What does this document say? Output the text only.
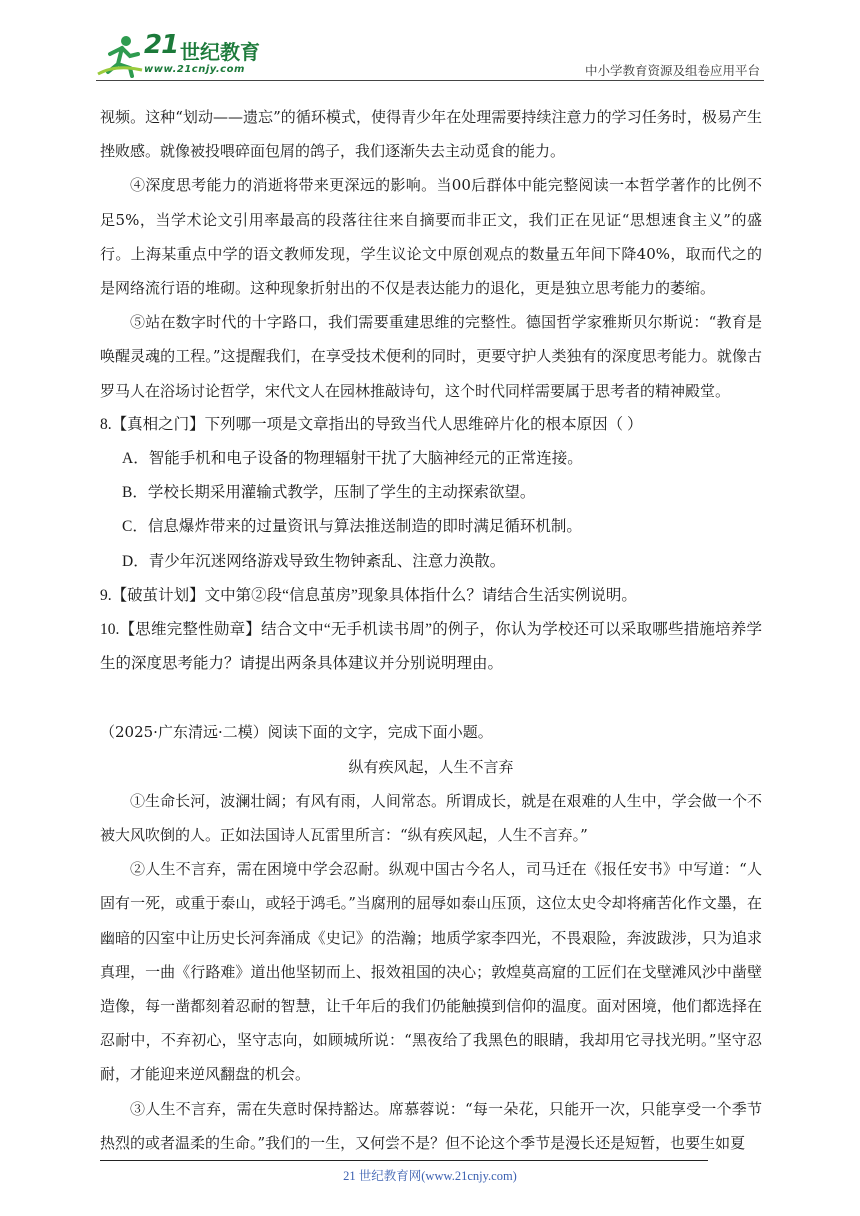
21 世纪教育
www.21cnjy.com	中小学教育资源及组卷应用平台

视频。这种“划动——遗忘”的循环模式，使得青少年在处理需要持续注意力的学习任务时，极易产生挫败感。就像被投喂碎面包屑的鸽子，我们逐渐失去主动觅食的能力。

④深度思考能力的消逝将带来更深远的影响。当00后群体中能完整阅读一本哲学著作的比例不足5%，当学术论文引用率最高的段落往往来自摘要而非正文，我们正在见证“思想速食主义”的盛行。上海某重点中学的语文教师发现，学生议论文中原创观点的数量五年间下降40%，取而代之的是网络流行语的堆砌。这种现象折射出的不仅是表达能力的退化，更是独立思考能力的萎缩。

⑤站在数字时代的十字路口，我们需要重建思维的完整性。德国哲学家雅斯贝尔斯说：“教育是唤醒灵魂的工程。”这提醒我们，在享受技术便利的同时，更要守护人类独有的深度思考能力。就像古罗马人在浴场讨论哲学，宋代文人在园林推敲诗句，这个时代同样需要属于思考者的精神殿堂。

8.【真相之门】下列哪一项是文章指出的导致当代人思维碎片化的根本原因（ ）

A．智能手机和电子设备的物理辐射干扰了大脑神经元的正常连接。

B．学校长期采用灌输式教学，压制了学生的主动探索欲望。

C．信息爆炸带来的过量资讯与算法推送制造的即时满足循环机制。

D．青少年沉迷网络游戏导致生物钟紊乱、注意力涣散。

9.【破茧计划】文中第②段“信息茧房”现象具体指什么？请结合生活实例说明。

10.【思维完整性勋章】结合文中“无手机读书周”的例子，你认为学校还可以采取哪些措施培养学生的深度思考能力？请提出两条具体建议并分别说明理由。

（2025·广东清远·二模）阅读下面的文字，完成下面小题。

纵有疾风起，人生不言弃

①生命长河，波澜壮阔；有风有雨，人间常态。所谓成长，就是在艰难的人生中，学会做一个不被大风吹倒的人。正如法国诗人瓦雷里所言：“纵有疾风起，人生不言弃。”

②人生不言弃，需在困境中学会忍耐。纵观中国古今名人，司马迁在《报任安书》中写道：“人固有一死，或重于泰山，或轻于鸿毛。”当腐刑的屈辱如泰山压顶，这位太史令却将痛苦化作文墨，在幽暗的囚室中让历史长河奔涌成《史记》的浩瀚；地质学家李四光，不畏艰险，奔波跋涉，只为追求真理，一曲《行路难》道出他坚韧而上、报效祖国的决心；敦煌莫高窟的工匠们在戈壁滩风沙中凿壁造像，每一凿都刻着忍耐的智慧，让千年后的我们仍能触摸到信仰的温度。面对困境，他们都选择在忍耐中，不弃初心，坚守志向，如顾城所说：“黑夜给了我黑色的眼睛，我却用它寻找光明。”坚守忍耐，才能迎来逆风翻盘的机会。

③人生不言弃，需在失意时保持豁达。席慕蓉说：“每一朵花，只能开一次，只能享受一个季节热烈的或者温柔的生命。”我们的一生，又何尝不是？但不论这个季节是漫长还是短暂，也要生如夏

21 世纪教育网(www.21cnjy.com)
